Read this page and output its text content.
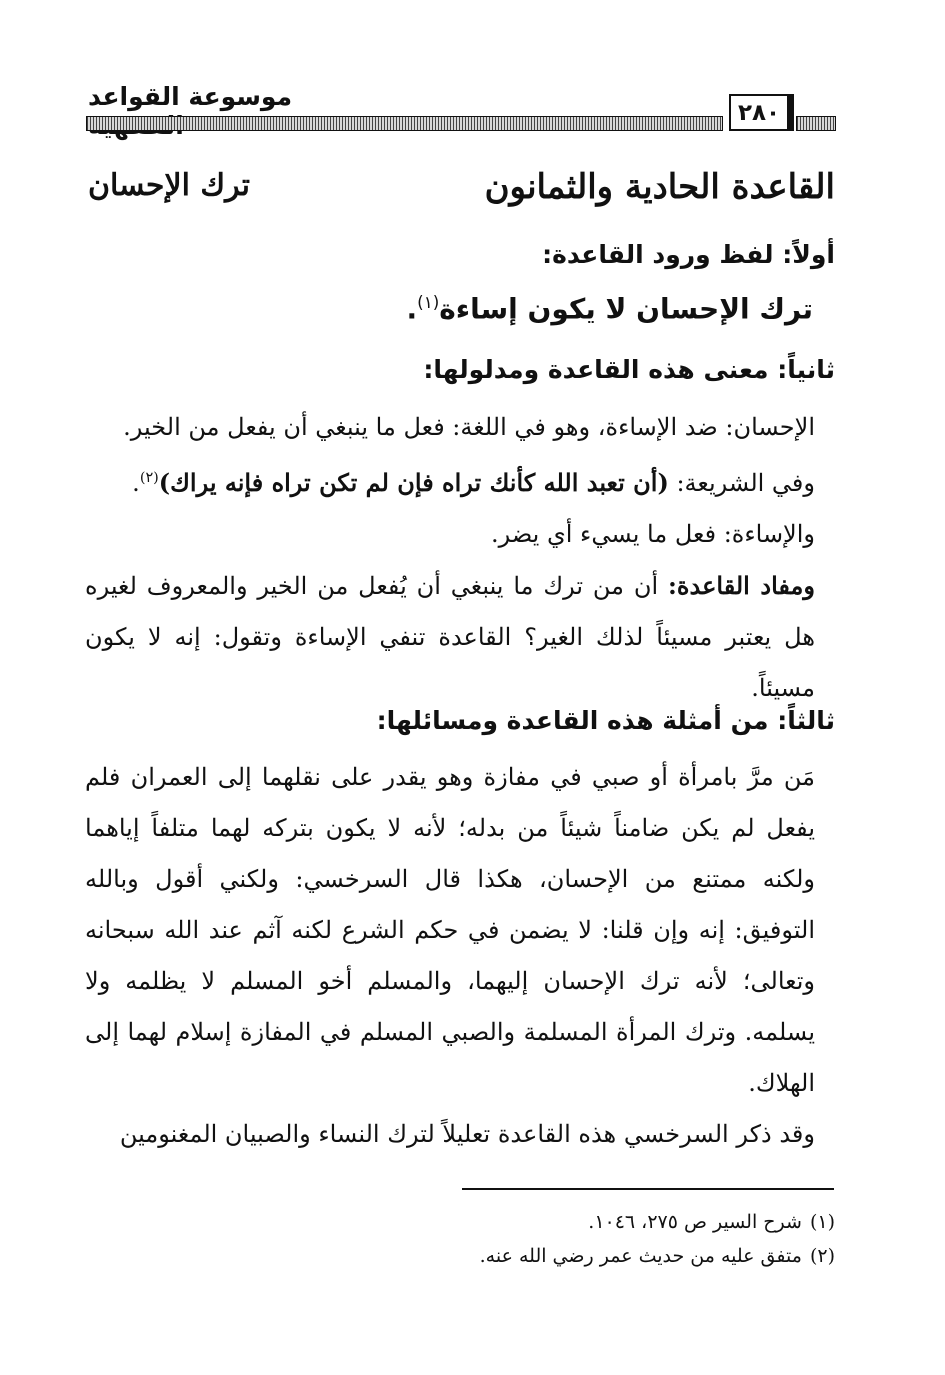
موسوعة القواعد
٢٨٠
القاعدة الحادية والثمانون
ترك الإحسان
أولاً: لفظ ورود القاعدة:
ترك الإحسان لا يكون إساءة$^{(١)}$.
ثانياً: معنى هذه القاعدة ومدلولها:

الإحسان: ضد الإساءة، وهو في اللغة: فعل ما ينبغي أن يفعل من الخير.

وفي الشريعة: (أن تعبد الله كأنك تراه فإن لم تكن تراه فإنه يراك)$^{(٢)}$.

والإساءة: فعل ما يسيء أي يضر.

ومفاد القاعدة: أن من ترك ما ينبغي أن يُفعل من الخير والمعروف لغيره هل يعتبر مسيئاً لذلك الغير؟ القاعدة تنفي الإساءة وتقول: إنه لا يكون مسيئاً.

ثالثاً: من أمثلة هذه القاعدة ومسائلها:

مَن مرَّ بامرأة أو صبي في مفازة وهو يقدر على نقلهما إلى العمران فلم يفعل لم يكن ضامناً شيئاً من بدله؛ لأنه لا يكون بتركه لهما متلفاً إياهما ولكنه ممتنع من الإحسان، هكذا قال السرخسي: ولكني أقول وبالله التوفيق: إنه وإن قلنا: لا يضمن في حكم الشرع لكنه آثم عند الله سبحانه وتعالى؛ لأنه ترك الإحسان إليهما، والمسلم أخو المسلم لا يظلمه ولا يسلمه. وترك المرأة المسلمة والصبي المسلم في المفازة إسلام لهما إلى الهلاك.

وقد ذكر السرخسي هذه القاعدة تعليلاً لترك النساء والصبيان المغنومين

(١)شرح السير ص ٢٧٥، ١٠٤٦.
(٢)متفق عليه من حديث عمر رضي الله عنه.
